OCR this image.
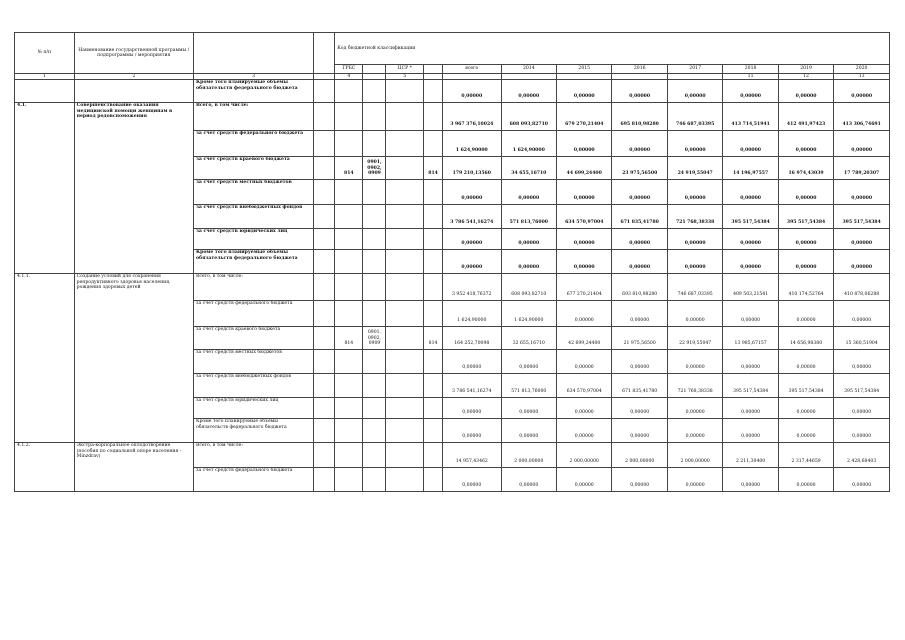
№ п/п	Наименование государственной программы / подпрограммы / мероприятия			Код бюджетной классификации											
				ГРБС		ЦСР *		всего	2014	2015	2016	2017	2018	2019	2020
1	2	3		4		5							11	12	13
		Кроме того планируемые объемы обязательств федерального бюджета						0,00000	0,00000	0,00000	0,00000	0,00000	0,00000	0,00000	0,00000
4.1.	Совершенствование оказания медицинской помощи женщинам в период родовспоможения	Всего, в том числе:						3 967 376,10024	608 093,82710	679 270,21404	695 810,98280	746 687,03395	413 714,51941	412 491,97423	413 306,74691
		за счет средств федерального бюджета						1 624,90000	1 624,90000	0,00000	0,00000	0,00000	0,00000	0,00000	0,00000
		за счет средств краевого бюджета		814	0901, 0902, 0909		814	179 210,13560	34 655,16710	44 699,24400	23 975,56500	24 919,55047	14 196,97557	16 974,43039	17 789,20307
		за счет средств местных бюджетов						0,00000	0,00000	0,00000	0,00000	0,00000	0,00000	0,00000	0,00000
		за счет средств внебюджетных фондов						3 786 541,16274	571 813,76000	634 570,97004	671 835,41780	721 768,38338	395 517,54384	395 517,54384	395 517,54384
		за счет средств юридических лиц						0,00000	0,00000	0,00000	0,00000	0,00000	0,00000	0,00000	0,00000
		Кроме того планируемые объемы обязательств федерального бюджета						0,00000	0,00000	0,00000	0,00000	0,00000	0,00000	0,00000	0,00000
4.1.1.	Создание условий для сохранения репродуктивного здоровья населения, рождения здоровых детей	Всего, в том числе:						3 952 418,76372	608 093,82710	677 270,21404	693 810,98280	746 687,03395	409 503,21541	410 174,52764	410 878,06288
		за счет средств федерального бюджета						1 624,90000	1 624,90000	0,00000	0,00000	0,00000	0,00000	0,00000	0,00000
		за счет средств краевого бюджета		814	0901, 0902, 0909		814	164 252,70098	32 655,16710	42 699,24400	21 975,56500	22 919,55047	13 985,67157	14 656,98380	15 360,51904
		за счет средств местных бюджетов						0,00000	0,00000	0,00000	0,00000	0,00000	0,00000	0,00000	0,00000
		за счет средств внебюджетных фондов						3 786 541,16274	571 813,76000	634 570,97004	671 835,41780	721 768,38338	395 517,54384	395 517,54384	395 517,54384
		за счет средств юридических лиц						0,00000	0,00000	0,00000	0,00000	0,00000	0,00000	0,00000	0,00000
		Кроме того планируемые объемы обязательств федерального бюджета						0,00000	0,00000	0,00000	0,00000	0,00000	0,00000	0,00000	0,00000
4.1.2.	Экстра-корпоральное оплодотворение (пособия по социальной опоре населения - Minzdrav)	Всего, в том числе:						14 957,43462	2 000,00000	2 000,00000	2 000,00000	2 000,00000	2 211,30400	2 317,44659	2 428,68403
		за счет средств федерального бюджета						0,00000	0,00000	0,00000	0,00000	0,00000	0,00000	0,00000	0,00000
